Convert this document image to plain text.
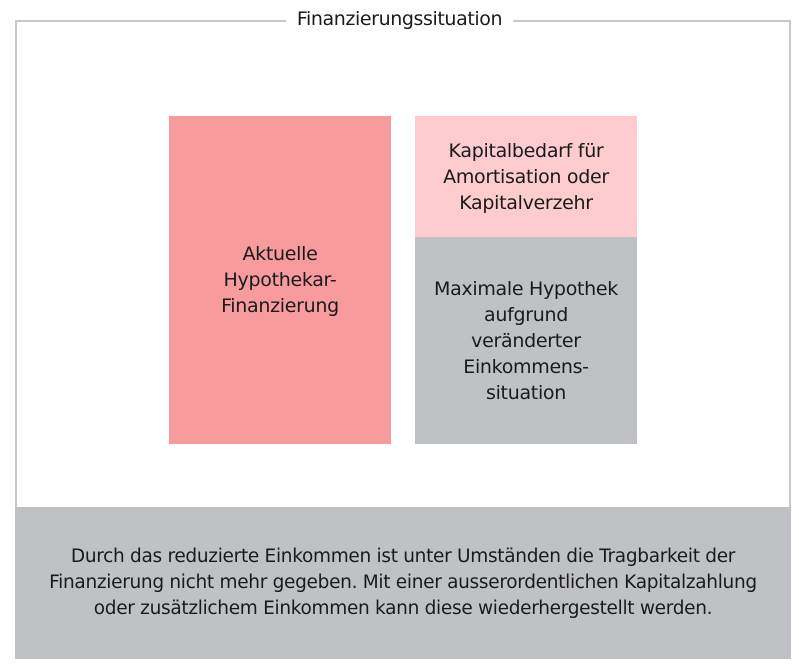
Finanzierungssituation
Aktuelle
Hypothekar-
Finanzierung
Kapitalbedarf für
Amortisation oder
Kapitalverzehr
Maximale Hypothek
aufgrund
veränderter
Einkommens-
situation
Durch das reduzierte Einkommen ist unter Umständen die Tragbarkeit der
Finanzierung nicht mehr gegeben. Mit einer ausserordentlichen Kapitalzahlung
oder zusätzlichem Einkommen kann diese wiederhergestellt werden.
